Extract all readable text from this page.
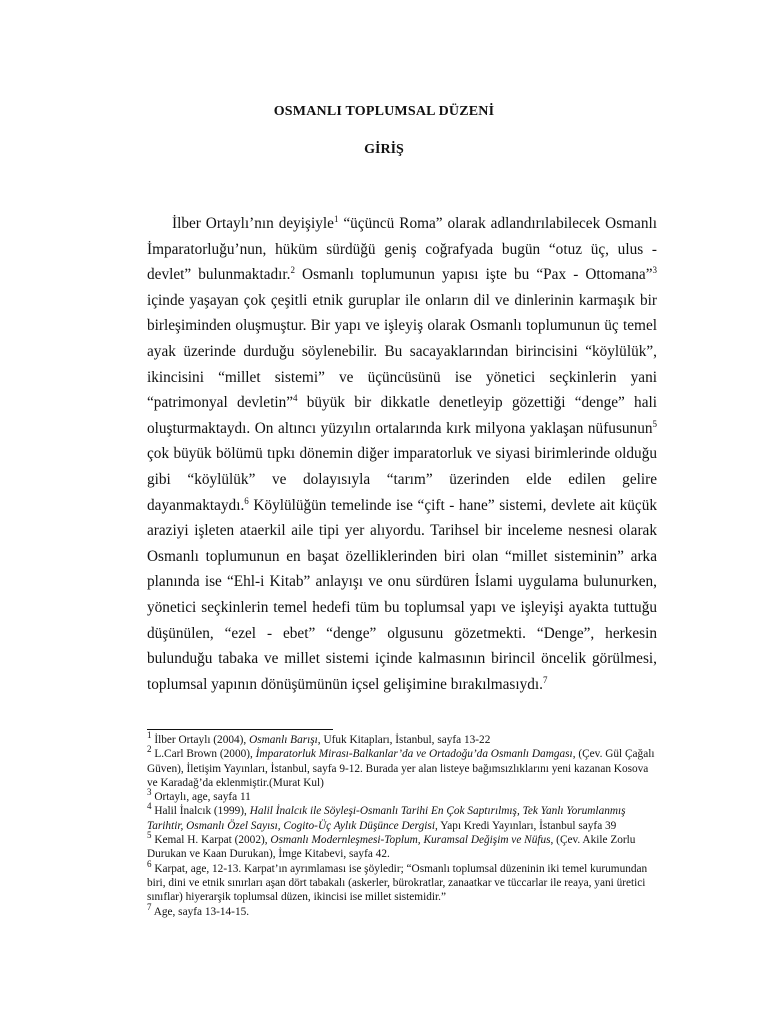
OSMANLI TOPLUMSAL DÜZENİ
GİRİŞ

İlber Ortaylı’nın deyişiyle$^1$ “üçüncü Roma” olarak adlandırılabilecek Osmanlı İmparatorluğu’nun, hüküm sürdüğü geniş coğrafyada bugün “otuz üç, ulus - devlet” bulunmaktadır.$^2$ Osmanlı toplumunun yapısı işte bu “Pax - Ottomana”$^3$ içinde yaşayan çok çeşitli etnik guruplar ile onların dil ve dinlerinin karmaşık bir birleşiminden oluşmuştur. Bir yapı ve işleyiş olarak Osmanlı toplumunun üç temel ayak üzerinde durduğu söylenebilir. Bu sacayaklarından birincisini “köylülük”, ikincisini “millet sistemi” ve üçüncüsünü ise yönetici seçkinlerin yani “patrimonyal devletin”$^4$ büyük bir dikkatle denetleyip gözettiği “denge” hali oluşturmaktaydı. On altıncı yüzyılın ortalarında kırk milyona yaklaşan nüfusunun$^5$ çok büyük bölümü tıpkı dönemin diğer imparatorluk ve siyasi birimlerinde olduğu gibi “köylülük” ve dolayısıyla “tarım” üzerinden elde edilen gelire dayanmaktaydı.$^6$ Köylülüğün temelinde ise “çift - hane” sistemi, devlete ait küçük araziyi işleten ataerkil aile tipi yer alıyordu. Tarihsel bir inceleme nesnesi olarak Osmanlı toplumunun en başat özelliklerinden biri olan “millet sisteminin” arka planında ise “Ehl-i Kitab” anlayışı ve onu sürdüren İslami uygulama bulunurken, yönetici seçkinlerin temel hedefi tüm bu toplumsal yapı ve işleyişi ayakta tuttuğu düşünülen, “ezel - ebet” “denge” olgusunu gözetmekti. “Denge”, herkesin bulunduğu tabaka ve millet sistemi içinde kalmasının birincil öncelik görülmesi, toplumsal yapının dönüşümünün içsel gelişimine bırakılmasıydı.$^7$

$^1$ İlber Ortaylı (2004), Osmanlı Barışı, Ufuk Kitapları, İstanbul, sayfa 13-22

$^2$ L.Carl Brown (2000), İmparatorluk Mirası-Balkanlar’da ve Ortadoğu’da Osmanlı Damgası, (Çev. Gül Çağalı Güven), İletişim Yayınları, İstanbul, sayfa 9-12. Burada yer alan listeye bağımsızlıklarını yeni kazanan Kosova ve Karadağ’da eklenmiştir.(Murat Kul)

$^3$ Ortaylı, age, sayfa 11

$^4$ Halil İnalcık (1999), Halil İnalcık ile Söyleşi-Osmanlı Tarihi En Çok Saptırılmış, Tek Yanlı Yorumlanmış Tarihtir, Osmanlı Özel Sayısı, Cogito-Üç Aylık Düşünce Dergisi, Yapı Kredi Yayınları, İstanbul sayfa 39

$^5$ Kemal H. Karpat (2002), Osmanlı Modernleşmesi-Toplum, Kuramsal Değişim ve Nüfus, (Çev. Akile Zorlu Durukan ve Kaan Durukan), İmge Kitabevi, sayfa 42.

$^6$ Karpat, age, 12-13. Karpat’ın ayrımlaması ise şöyledir; “Osmanlı toplumsal düzeninin iki temel kurumundan biri, dini ve etnik sınırları aşan dört tabakalı (askerler, bürokratlar, zanaatkar ve tüccarlar ile reaya, yani üretici sınıflar) hiyerarşik toplumsal düzen, ikincisi ise millet sistemidir.”

$^7$ Age, sayfa 13-14-15.
